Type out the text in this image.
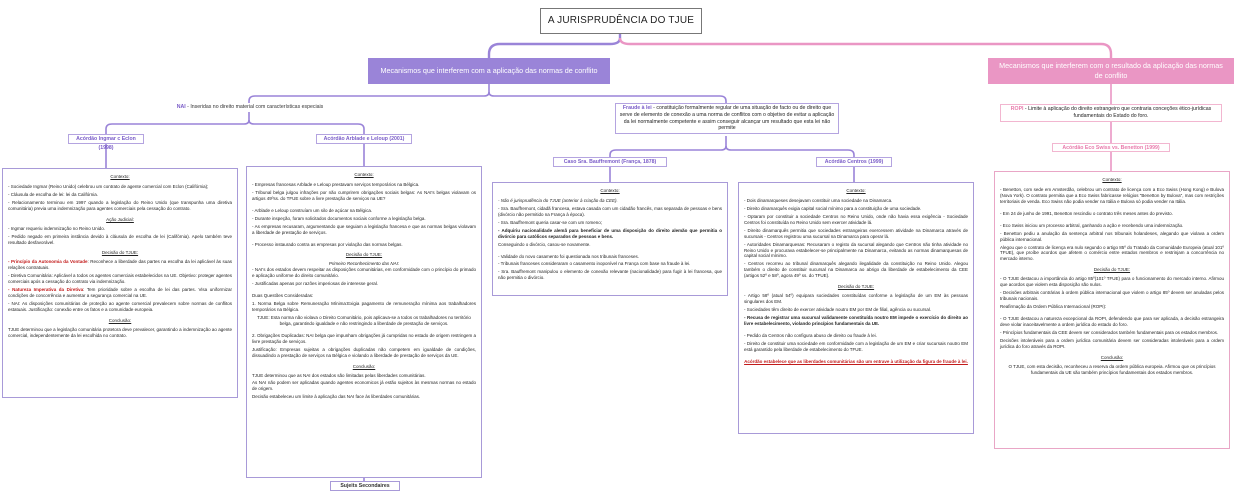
A JURISPRUDÊNCIA DO TJUE
Mecanismos que interferem com a aplicação das normas de conflito
Mecanismos que interferem com o resultado da aplicação das normas de conflito
NAI - Inseridas no direito material com características especiais	Fraude à lei - constituição formalmente regular de uma situação de facto ou de direito que serve de elemento de conexão a uma norma de conflitos com o objetivo de evitar a aplicação da lei normalmente competente e assim conseguir alcançar um resultado que esta lei não permite
ROPI - Limite à aplicação do direito estrangeiro que contraria conceções ético-jurídicas fundamentais do Estado do foro.
Acórdão Ingmar c Eclon (1998)
Acórdão Arblade e Leloup (2001)
Caso Sra. Bauffremont (França, 1878)	Acórdão Centros (1999)
Acórdão Eco Swiss vs. Benetton (1999)
Contexto:

- Sociedade Ingmar (Reino Unido) celebrou um contrato de agente comercial com Eclon (Califórnia);

- Cláusula de escolha de lei: lei da Califórnia.

- Relacionamento terminou em 1997 quando a legislação do Reino Unido (que transpunha uma diretiva comunitária) previa uma indemnização para agentes comerciais pela cessação do contrato.

Ação Judicial:

- Ingmar requeriu indemnização no Reino Unido.

- Pedido negado em primeira instância devido à cláusula de escolha de lei (Califórnia). Apelo também teve resultado desfavorável.

Decisão do TJUE:

- Princípio da Autonomia da Vontade: Reconhece a liberdade das partes na escolha da lei aplicável às suas relações contratuais.

- Diretiva Comunitária: Aplicável a todos os agentes comerciais estabelecidos na UE. Objetivo: proteger agentes comerciais após a cessação do contrato via indemnização.

- Natureza Imperativa da Diretiva: Tem prioridade sobre a escolha de lei das partes. Visa uniformizar condições de concorrência e aumentar a segurança comercial na UE.

- NAI: As disposições comunitárias de proteção ao agente comercial prevalecem sobre normas de conflitos estatuais. Justificação: conexão entre os fatos e a comunidade europeia.

Conclusão:

TJUE determinou que a legislação comunitária protetora deve prevalecer, garantindo a indemnização ao agente comercial, independentemente da lei escolhida no contrato.

Contexto:

- Empresas francesas Arblade e Leloup prestavam serviços temporários na Bélgica.

- Tribunal belga julgou infrações por não cumprirem obrigações sociais belgas: As NAI's belgas violavam os artigos 49ºss. do TFUE sobre a livre prestação de serviços na UE?

- Arblade e Leloup construíam um silo de açúcar na Bélgica.

- Durante inspeção, foram solicitados documentos sociais conforme a legislação belga.

- As empresas recusaram, argumentando que seguiam a legislação francesa e que as normas belgas violavam a liberdade de prestação de serviços.

- Processo instaurado contra as empresas por violação das normas belgas.

Decisão do TJUE:
Primeiro Reconhecimento das NAI:

- NAI's dos estados devem respeitar as disposições comunitárias, em conformidade com o princípio do primado e aplicação uniforme do direito comunitário.

- Justificadas apenas por razões imperiosas de interesse geral.

Duas Questões Consideradas:

1. Norma Belga sobre Remuneração Mínima:Exigia pagamento de remuneração mínima aos trabalhadores temporários na Bélgica.

TJUE: Esta norma não violava o Direito Comunitário, pois aplicava-se a todos os trabalhadores no território belga, garantindo igualdade e não restringindo a liberdade de prestação de serviços.

2. Obrigações Duplicadas: NAI belga que impunham obrigações já cumpridas no estado de origem restringem a livre prestação de serviços.

Justificação: Empresas sujeitas a obrigações duplicadas não competem em igualdade de condições, dissuadindo a prestação de serviços na Bélgica e violando a liberdade de prestação de serviços da UE.

Conclusão:

TJUE determinou que as NAI dos estados são limitadas pelas liberdades comunitárias.

As NAI não podem ser aplicadas quando agentes economicos já estão sujeitos às mesmas normas no estado de origem.

Decisão estabeleceu um limite à aplicação das NAI face às liberdades comunitárias.

Contexto:

- Não é jurisprudência do TJUE (anterior à criação da CEE).

- Sra. Bauffremont, cidadã francesa, estava casada com um cidadão francês, mas separada de pessoas e bens (divórcio não permitido na França à época).

- Sra. Bauffremont queria casar-se com um romeno;

- Adquiriu nacionalidade alemã para beneficiar de uma disposição do direito alemão que permitia o divórcio para católicos separados de pessoas e bens.

Conseguindo o divórcio, casou-se novamente.

- Validade do novo casamento foi questionada nos tribunais franceses.

- Tribunais franceses consideraram o casamento inoponível na França com base na fraude à lei.

- Sra. Bauffremont manipulou o elemento de conexão relevante (nacionalidade) para fugir à lei francesa, que não permitia o divórcio.

Contexto:

- Dois dinamarqueses desejavam constituir uma sociedade na Dinamarca.

- Direito dinamarquês exigia capital social mínimo para a constituição de uma sociedade.

- Optaram por constituir a sociedade Centros no Reino Unido, onde não havia essa exigência - Sociedade Centros foi constituída no Reino Unido sem exercer atividade lá.

- Direito dinamarquês permitia que sociedades estrangeiras exercessem atividade na Dinamarca através de sucursais - Centros registrou uma sucursal na Dinamarca para operar lá.

- Autoridades Dinamarquesas: Recusaram o registo da sucursal alegando que Centros não tinha atividade no Reino Unido e procurava estabelecer-se principalmente na Dinamarca, evitando as normas dinamarquesas de capital social mínimo.

- Centros recorreu ao tribunal dinamarquês alegando ilegalidade da constituição no Reino Unido. Alegou também o direito de constituir sucursal na Dinamarca ao abrigo da liberdade de estabelecimento da CEE (artigos 52º e 58º, agora 49º ss. do TFUE).

Decisão do TJUE:

- Artigo 58º (atual 54º) equipara sociedades constituídas conforme a legislação de um EM às pessoas singulares dos EM.

- Sociedades têm direito de exercer atividade noutro EM por EM de filial, agência ou sucursal.

- Recusa de registrar uma sucursal validamente constituída noutro EM impede o exercício do direito ao livre estabelecimento, violando princípios fundamentais da UE.

- Pedido da Centros não configura abuso de direito ou fraude à lei.

- Direito de constituir uma sociedade em conformidade com a legislação de um EM e criar sucursais noutro EM está garantido pela liberdade de estabelecimento do TFUE.

Acórdão estabelece que as liberdades comunitárias são um entrave à utilização da figura de fraude à lei.

Contexto:

- Benetton, com sede em Amsterdão, celebrou um contrato de licença com a Eco Swiss (Hong Kong) e Bulova (Nova York). O contrato permitia que a Eco Swiss fabricasse relógios "Benetton by Bulova", mas com restrições territoriais de venda. Eco Swiss não podia vender na Itália e Bulova só podia vender na Itália.

- Em 24 de junho de 1991, Benetton rescindiu o contrato três meses antes do previsto.

- Eco Swiss iniciou um processo arbitral, ganhando a ação e recebendo uma indemnização.

- Benetton pediu a anulação da sentença arbitral nos tribunais holandeses, alegando que violava a ordem pública internacional.

Alegou que o contrato de licença era nulo segundo o artigo 85º do Tratado da Comunidade Europeia (atual 101º TFUE), que proíbe acordos que afetem o comércio entre estados membros e restrinjam a concorrência no mercado interno.

Decisão do TJUE:

- O TJUE destacou a importância do artigo 85º(101º TFUE) para o funcionamento do mercado interno. Afirmou que acordos que violem esta disposição são nulos.

- Decisões arbitrais contrárias à ordem pública internacional que violem o artigo 85º devem ser anuladas pelos tribunais nacionais.

Reafirmação da Ordem Pública Internacional (ROPI):

- O TJUE destacou a natureza excepcional da ROPI, defendendo que para ser aplicada, a decisão estrangeira deve violar inaceitavelmente a ordem jurídica do estado do foro.

- Princípios fundamentais da CEE devem ser considerados também fundamentais para os estados membros.

Decisões intoleráveis para a ordem jurídica comunitária devem ser consideradas intoleráveis para a ordem jurídica do foro através da ROPI.

Conclusão:

O TJUE, com esta decisão, reconheceu a reserva da ordem pública europeia. Afirmou que os princípios fundamentais da UE são também princípios fundamentais dos estados membros.

Sujeits Secondaires
